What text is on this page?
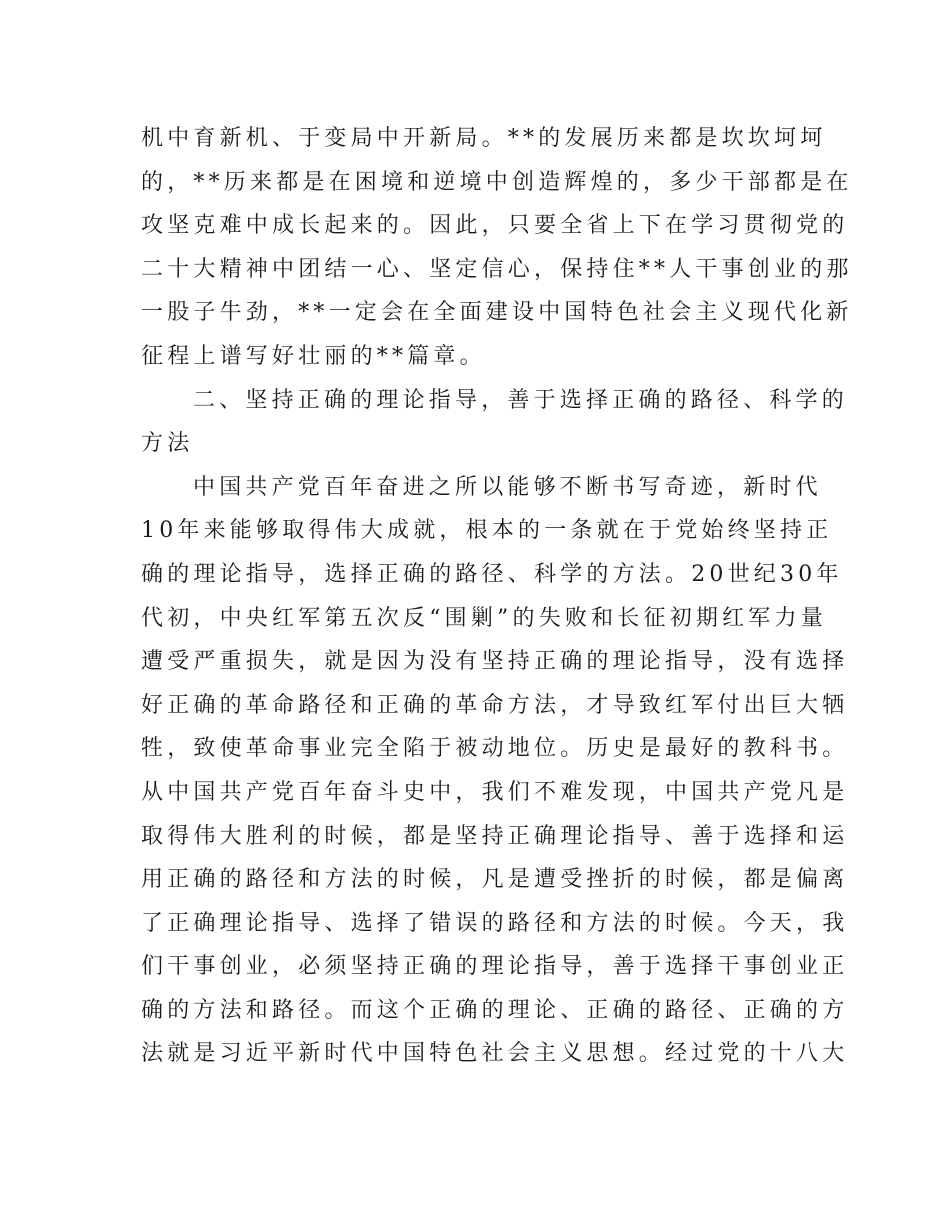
机中育新机、于变局中开新局。**的发展历来都是坎坎坷坷
的，**历来都是在困境和逆境中创造辉煌的，多少干部都是在
攻坚克难中成长起来的。因此，只要全省上下在学习贯彻党的
二十大精神中团结一心、坚定信心，保持住**人干事创业的那
一股子牛劲，**一定会在全面建设中国特色社会主义现代化新
征程上谱写好壮丽的**篇章。
二、坚持正确的理论指导，善于选择正确的路径、科学的
方法
中国共产党百年奋进之所以能够不断书写奇迹，新时代
10年来能够取得伟大成就，根本的一条就在于党始终坚持正
确的理论指导，选择正确的路径、科学的方法。20世纪30年
代初，中央红军第五次反“围剿”的失败和长征初期红军力量
遭受严重损失，就是因为没有坚持正确的理论指导，没有选择
好正确的革命路径和正确的革命方法，才导致红军付出巨大牺
牲，致使革命事业完全陷于被动地位。历史是最好的教科书。
从中国共产党百年奋斗史中，我们不难发现，中国共产党凡是
取得伟大胜利的时候，都是坚持正确理论指导、善于选择和运
用正确的路径和方法的时候，凡是遭受挫折的时候，都是偏离
了正确理论指导、选择了错误的路径和方法的时候。今天，我
们干事创业，必须坚持正确的理论指导，善于选择干事创业正
确的方法和路径。而这个正确的理论、正确的路径、正确的方
法就是习近平新时代中国特色社会主义思想。经过党的十八大
